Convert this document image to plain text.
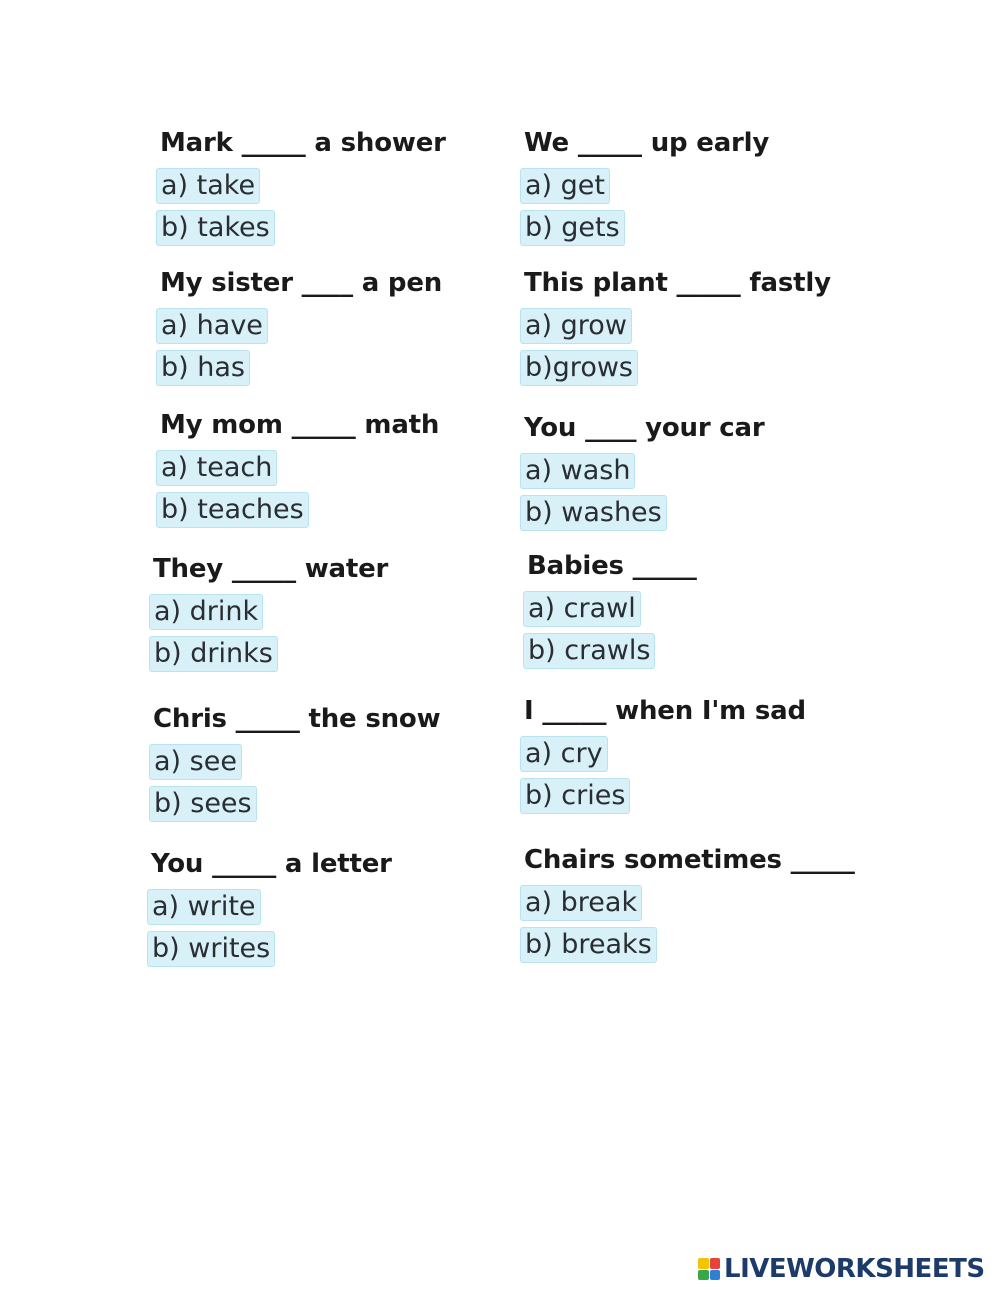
Mark _____ a shower
a) take
b) takes
We _____ up early
a) get
b) gets
My sister ____ a pen
a) have
b) has
This plant _____ fastly
a) grow
b)grows
My mom _____ math
a) teach
b) teaches
You ____ your car
a) wash
b) washes
They _____ water
a) drink
b) drinks
Babies _____
a) crawl
b) crawls
Chris _____ the snow
a) see
b) sees
I _____ when I'm sad
a) cry
b) cries
You _____ a letter
a) write
b) writes
Chairs sometimes _____
a) break
b) breaks
LIVEWORKSHEETS
